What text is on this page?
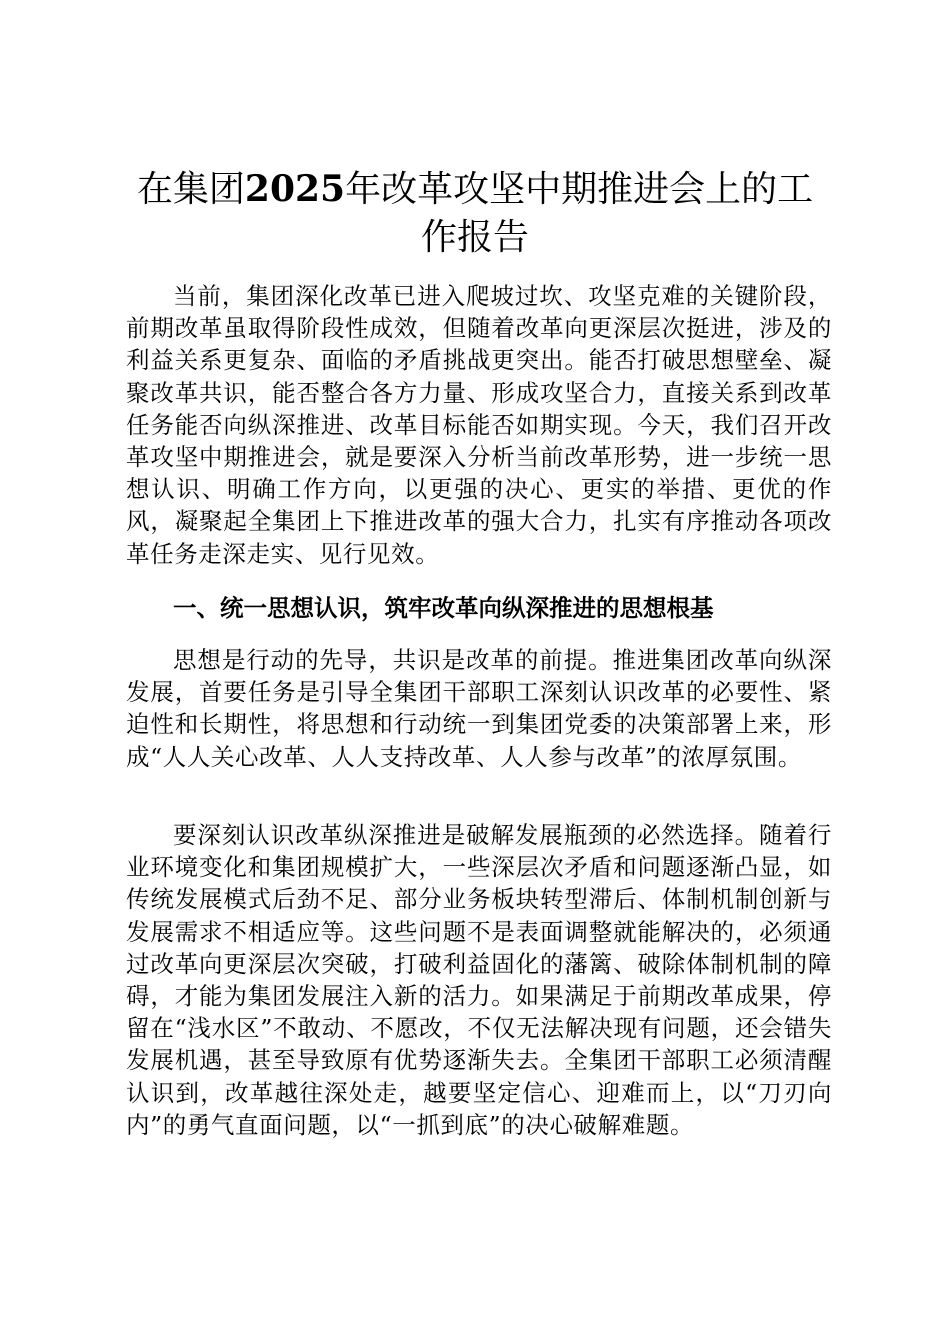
在集团2025年改革攻坚中期推进会上的工作报告

当前，集团深化改革已进入爬坡过坎、攻坚克难的关键阶段，前期改革虽取得阶段性成效，但随着改革向更深层次挺进，涉及的利益关系更复杂、面临的矛盾挑战更突出。能否打破思想壁垒、凝聚改革共识，能否整合各方力量、形成攻坚合力，直接关系到改革任务能否向纵深推进、改革目标能否如期实现。今天，我们召开改革攻坚中期推进会，就是要深入分析当前改革形势，进一步统一思想认识、明确工作方向，以更强的决心、更实的举措、更优的作风，凝聚起全集团上下推进改革的强大合力，扎实有序推动各项改革任务走深走实、见行见效。

一、统一思想认识，筑牢改革向纵深推进的思想根基

思想是行动的先导，共识是改革的前提。推进集团改革向纵深发展，首要任务是引导全集团干部职工深刻认识改革的必要性、紧迫性和长期性，将思想和行动统一到集团党委的决策部署上来，形成“人人关心改革、人人支持改革、人人参与改革”的浓厚氛围。

要深刻认识改革纵深推进是破解发展瓶颈的必然选择。随着行业环境变化和集团规模扩大，一些深层次矛盾和问题逐渐凸显，如传统发展模式后劲不足、部分业务板块转型滞后、体制机制创新与发展需求不相适应等。这些问题不是表面调整就能解决的，必须通过改革向更深层次突破，打破利益固化的藩篱、破除体制机制的障碍，才能为集团发展注入新的活力。如果满足于前期改革成果，停留在“浅水区”不敢动、不愿改，不仅无法解决现有问题，还会错失发展机遇，甚至导致原有优势逐渐失去。全集团干部职工必须清醒认识到，改革越往深处走，越要坚定信心、迎难而上，以“刀刃向内”的勇气直面问题，以“一抓到底”的决心破解难题。
